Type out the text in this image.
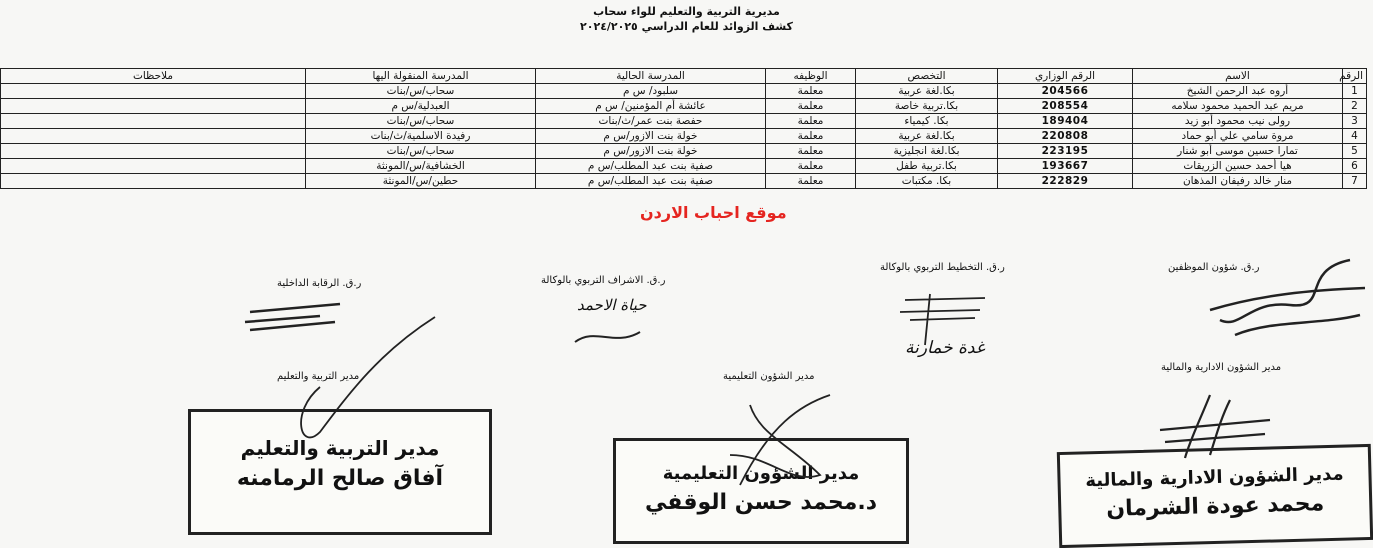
مديرية التربية والتعليم للواء سحاب
كشف الزوائد للعام الدراسي ٢٠٢٤/٢٠٢٥
الرقم	الاسم	الرقم الوزاري	التخصص	الوظيفه	المدرسة الحالية	المدرسة المنقولة اليها	ملاحظات
1	أروه عبد الرحمن الشيخ	204566	بكا.لغة عربية	معلمة	سلبود/ س م	سحاب/س/بنات	
2	مريم عبد الحميد محمود سلامه	208554	بكا.تربية خاصة	معلمة	عائشة أم المؤمنين/ س م	العبدلية/س م	
3	رولى نيب محمود أبو زيد	189404	بكا. كيمياء	معلمة	حفصة بنت عمر/ث/بنات	سحاب/س/بنات	
4	مروة سامي علي أبو حماد	220808	بكا.لغة عربية	معلمة	خولة بنت الازور/س م	رفيدة الاسلمية/ث/بنات	
5	تمارا حسين موسى أبو شنار	223195	بكا.لغة انجليزية	معلمة	خولة بنت الازور/س م	سحاب/س/بنات	
6	هيا أحمد حسين الزريقات	193667	بكا.تربية طفل	معلمة	صفية بنت عبد المطلب/س م	الخشافية/س/المونثة	
7	منار خالد رفيفان المذهان	222829	بكا. مكتبات	معلمة	صفية بنت عبد المطلب/س م	حطين/س/المونثة	
موقع احباب الاردن
ر.ق. شؤون الموظفين
ر.ق. التخطيط التربوي بالوكالة
ر.ق. الاشراف التربوي بالوكالة
ر.ق. الرقابة الداخلية
مدير الشؤون الادارية والمالية
مدير الشؤون التعليمية
مدير التربية والتعليم
حياة الاحمد
غدة خمارنة
مدير التربية والتعليم
آفاق صالح الرمامنه	مدير الشؤون التعليمية
د.محمد حسن الوقفي
مدير الشؤون الادارية والمالية
محمد عودة الشرمان
